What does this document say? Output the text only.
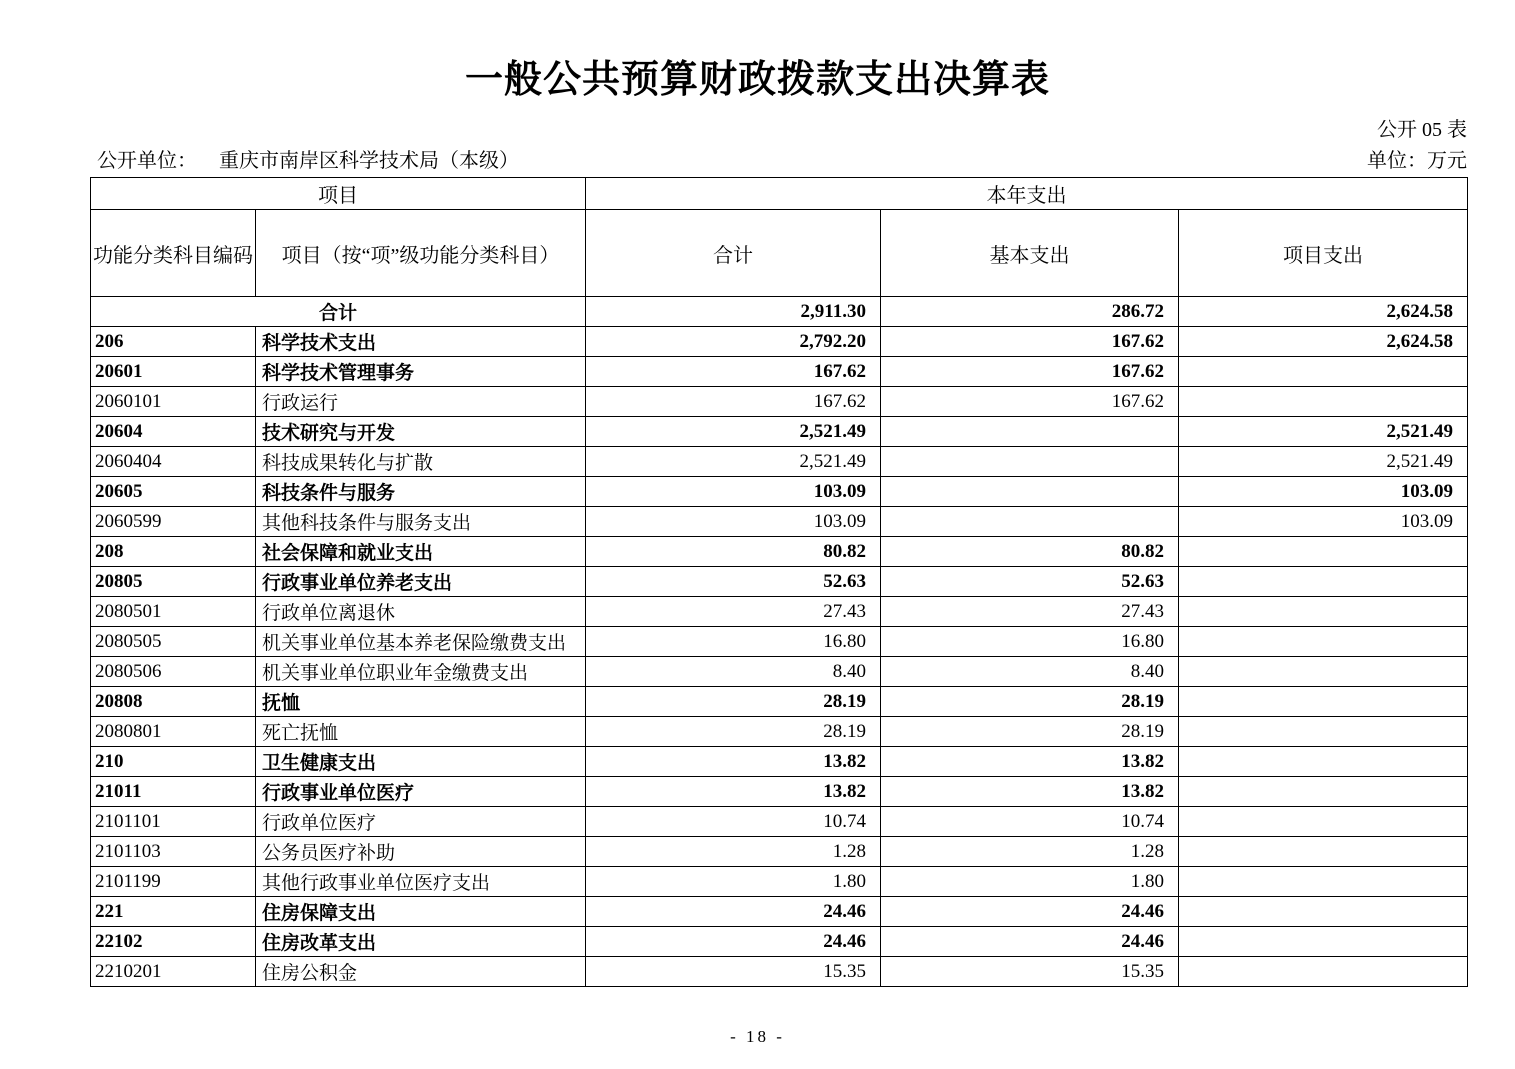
一般公共预算财政拨款支出决算表
公开 05 表
公开单位： 重庆市南岸区科学技术局（本级）	单位：万元
项目		本年支出		
功能分类科目编码	项目（按“项”级功能分类科目）	合计	基本支出	项目支出
合计		2,911.30	286.72	2,624.58
206	科学技术支出	2,792.20	167.62	2,624.58
20601	科学技术管理事务	167.62	167.62	
2060101	行政运行	167.62	167.62	
20604	技术研究与开发	2,521.49		2,521.49
2060404	科技成果转化与扩散	2,521.49		2,521.49
20605	科技条件与服务	103.09		103.09
2060599	其他科技条件与服务支出	103.09		103.09
208	社会保障和就业支出	80.82	80.82	
20805	行政事业单位养老支出	52.63	52.63	
2080501	行政单位离退休	27.43	27.43	
2080505	机关事业单位基本养老保险缴费支出	16.80	16.80	
2080506	机关事业单位职业年金缴费支出	8.40	8.40	
20808	抚恤	28.19	28.19	
2080801	死亡抚恤	28.19	28.19	
210	卫生健康支出	13.82	13.82	
21011	行政事业单位医疗	13.82	13.82	
2101101	行政单位医疗	10.74	10.74	
2101103	公务员医疗补助	1.28	1.28	
2101199	其他行政事业单位医疗支出	1.80	1.80	
221	住房保障支出	24.46	24.46	
22102	住房改革支出	24.46	24.46	
2210201	住房公积金	15.35	15.35	
- 18 -
